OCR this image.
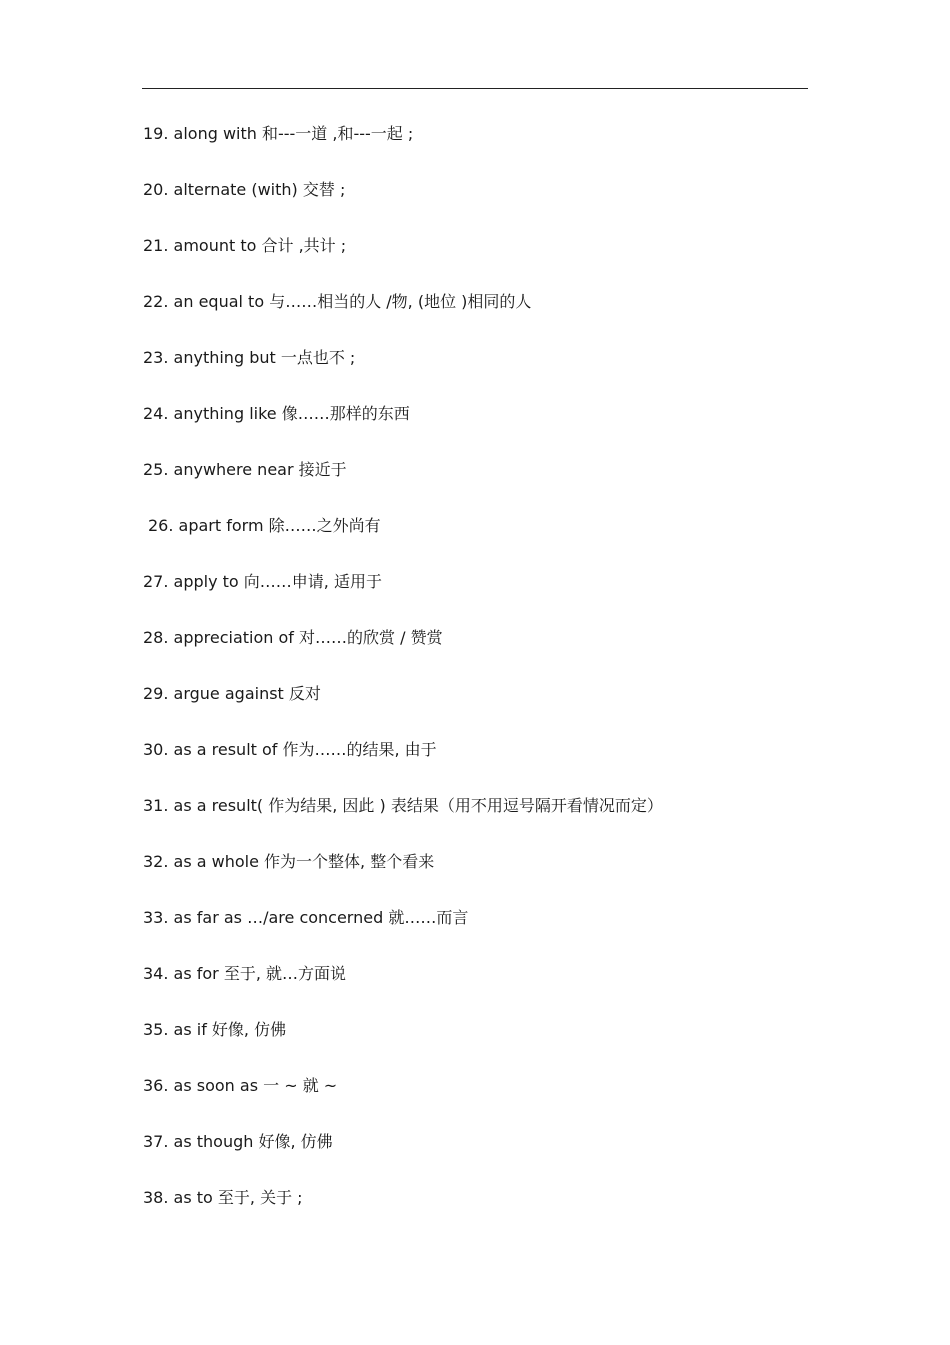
19. along with 和---一道 ,和---一起 ;
20. alternate (with) 交替 ;
21. amount to 合计 ,共计 ;
22. an equal to 与……相当的人 /物, (地位 )相同的人
23. anything but 一点也不 ;
24. anything like 像……那样的东西
25. anywhere near 接近于
26. apart form 除……之外尚有
27. apply to 向……申请, 适用于
28. appreciation of 对……的欣赏 / 赞赏
29. argue against 反对
30. as a result of 作为……的结果, 由于
31. as a result( 作为结果, 因此 ) 表结果（用不用逗号隔开看情况而定）
32. as a whole 作为一个整体, 整个看来
33. as far as …/are concerned 就……而言
34. as for 至于, 就…方面说
35. as if 好像, 仿佛
36. as soon as 一 ~ 就 ~
37. as though 好像, 仿佛
38. as to 至于, 关于 ;
